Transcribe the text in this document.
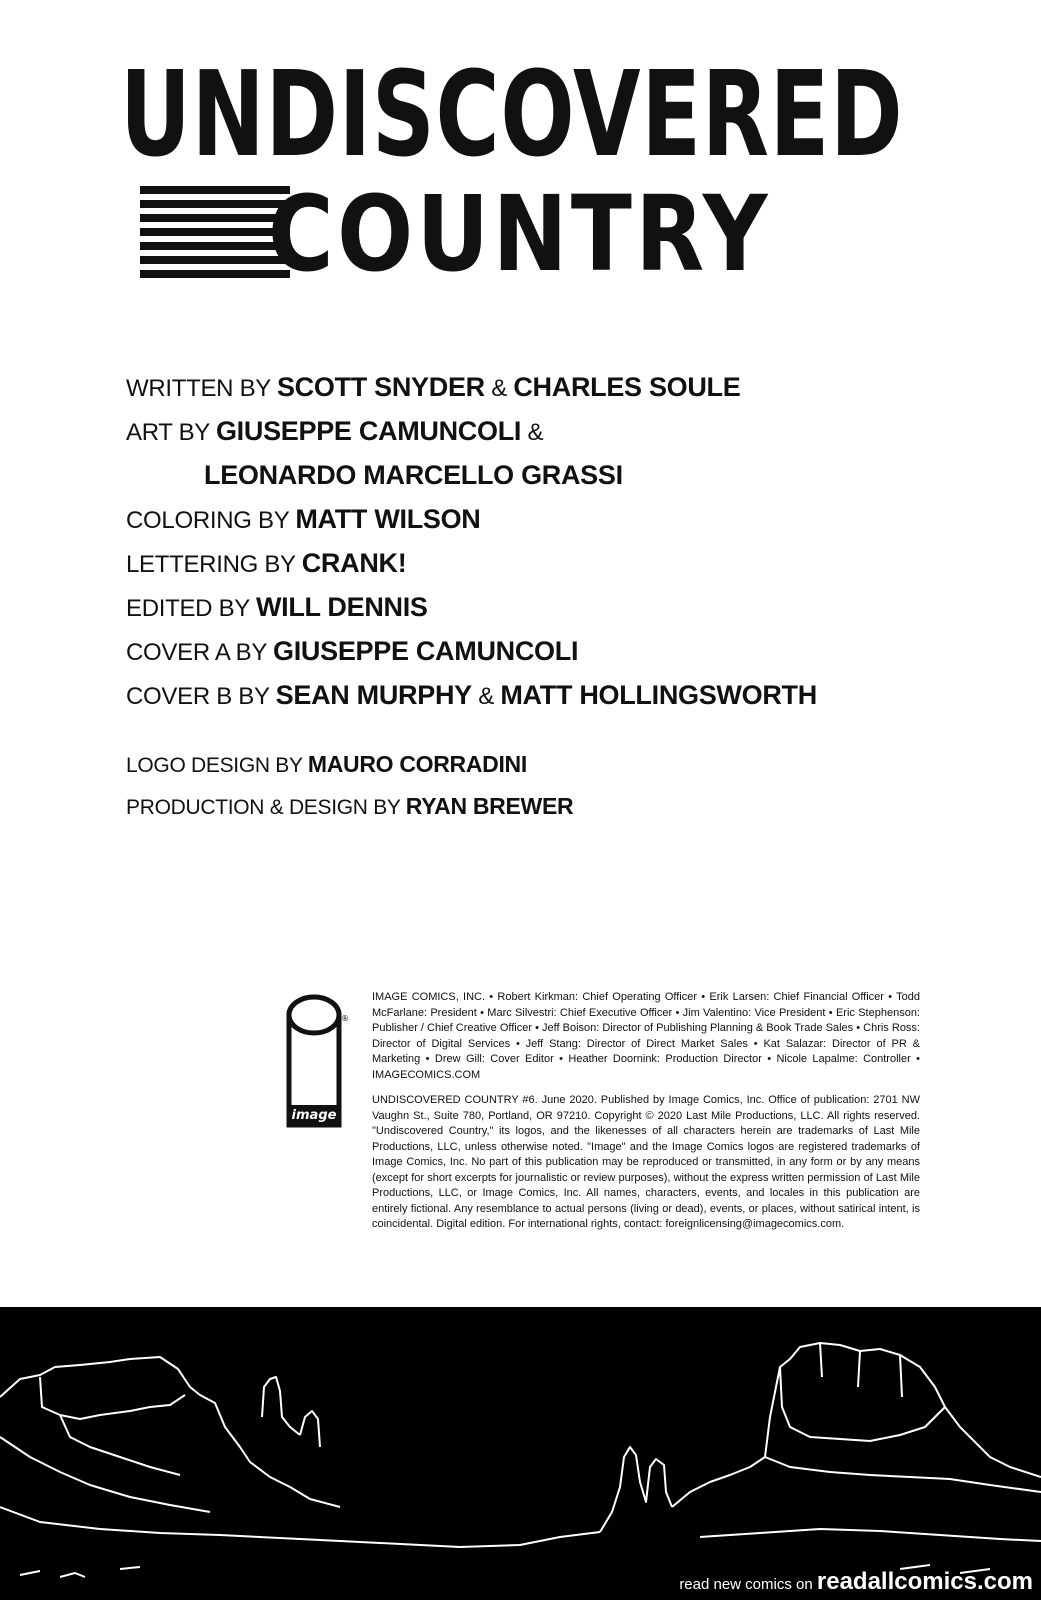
UNDISCOVERED
COUNTRY
WRITTEN BY SCOTT SNYDER & CHARLES SOULE
ART BY GIUSEPPE CAMUNCOLI &
LEONARDO MARCELLO GRASSI
COLORING BY MATT WILSON
LETTERING BY CRANK!
EDITED BY WILL DENNIS
COVER A BY GIUSEPPE CAMUNCOLI
COVER B BY SEAN MURPHY & MATT HOLLINGSWORTH
LOGO DESIGN BY MAURO CORRADINI
PRODUCTION & DESIGN BY RYAN BREWER
image
®

IMAGE COMICS, INC. • Robert Kirkman: Chief Operating Officer • Erik Larsen: Chief Financial Officer • Todd McFarlane: President • Marc Silvestri: Chief Executive Officer • Jim Valentino: Vice President • Eric Stephenson: Publisher / Chief Creative Officer • Jeff Boison: Director of Publishing Planning & Book Trade Sales • Chris Ross: Director of Digital Services • Jeff Stang: Director of Direct Market Sales • Kat Salazar: Director of PR & Marketing • Drew Gill: Cover Editor • Heather Doornink: Production Director • Nicole Lapalme: Controller • IMAGECOMICS.COM

UNDISCOVERED COUNTRY #6. June 2020. Published by Image Comics, Inc. Office of publication: 2701 NW Vaughn St., Suite 780, Portland, OR 97210. Copyright © 2020 Last Mile Productions, LLC. All rights reserved. "Undiscovered Country," its logos, and the likenesses of all characters herein are trademarks of Last Mile Productions, LLC, unless otherwise noted. "Image" and the Image Comics logos are registered trademarks of Image Comics, Inc. No part of this publication may be reproduced or transmitted, in any form or by any means (except for short excerpts for journalistic or review purposes), without the express written permission of Last Mile Productions, LLC, or Image Comics, Inc. All names, characters, events, and locales in this publication are entirely fictional. Any resemblance to actual persons (living or dead), events, or places, without satirical intent, is coincidental. Digital edition. For international rights, contact: foreignlicensing@imagecomics.com.

read new comics on readallcomics.com
